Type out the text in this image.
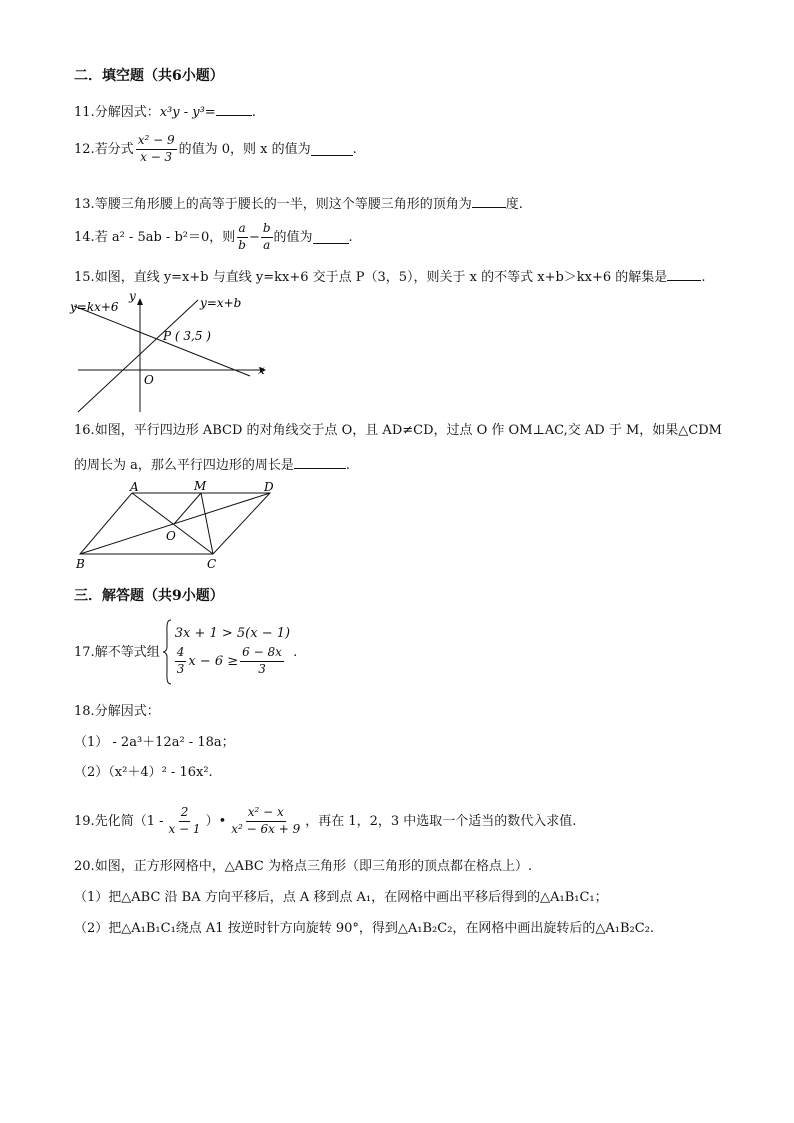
二．填空题（共6小题）
11.分解因式：x³y - y³=	.
12. 若分式 $\frac{\text{x² − 9}}{x - 3}$ 的值为 0，则 x 的值为	.
13.等腰三角形腰上的高等于腰长的一半，则这个等腰三角形的顶角为	度.
14. 若 a² - 5ab - b²＝0，则 $\frac{a}{b} - \frac{b}{a}$ 的值为	.
15.如图，直线 y=x+b 与直线 y=kx+6 交于点 P（3，5），则关于 x 的不等式 x+b＞kx+6 的解集是	.
y=kx+6
y	y=x+b
P ( 3,5 )
O
x
16.如图，平行四边形 ABCD 的对角线交于点 O，且 AD≠CD，过点 O 作 OM⊥AC,交 AD 于 M，如果△CDM
的周长为 a，那么平行四边形的周长是	.
A	M	D
O
B	C
三．解答题（共9小题）
17. 解不等式组
3x + 1 > 5(x − 1)
$\frac{4}{3}$ $x - 6 \ge \frac{6 - 8x}{3}$ .
18.分解因式：
（1） - 2a³＋12a² - 18a；
（2）（x²＋4）² - 16x².
19. 先化简（$1 - \frac{2}{x - 1}$ ）• $\frac{\text{x² − x}}{\text{x² − 6x + 9}}$ ，再在 1，2，3 中选取一个适当的数代入求值.
20.如图，正方形网格中，△ABC 为格点三角形（即三角形的顶点都在格点上）.
（1）把△ABC 沿 BA 方向平移后，点 A 移到点 A₁，在网格中画出平移后得到的△A₁B₁C₁；
（2）把△A₁B₁C₁绕点 A1 按逆时针方向旋转 90°，得到△A₁B₂C₂，在网格中画出旋转后的△A₁B₂C₂.
